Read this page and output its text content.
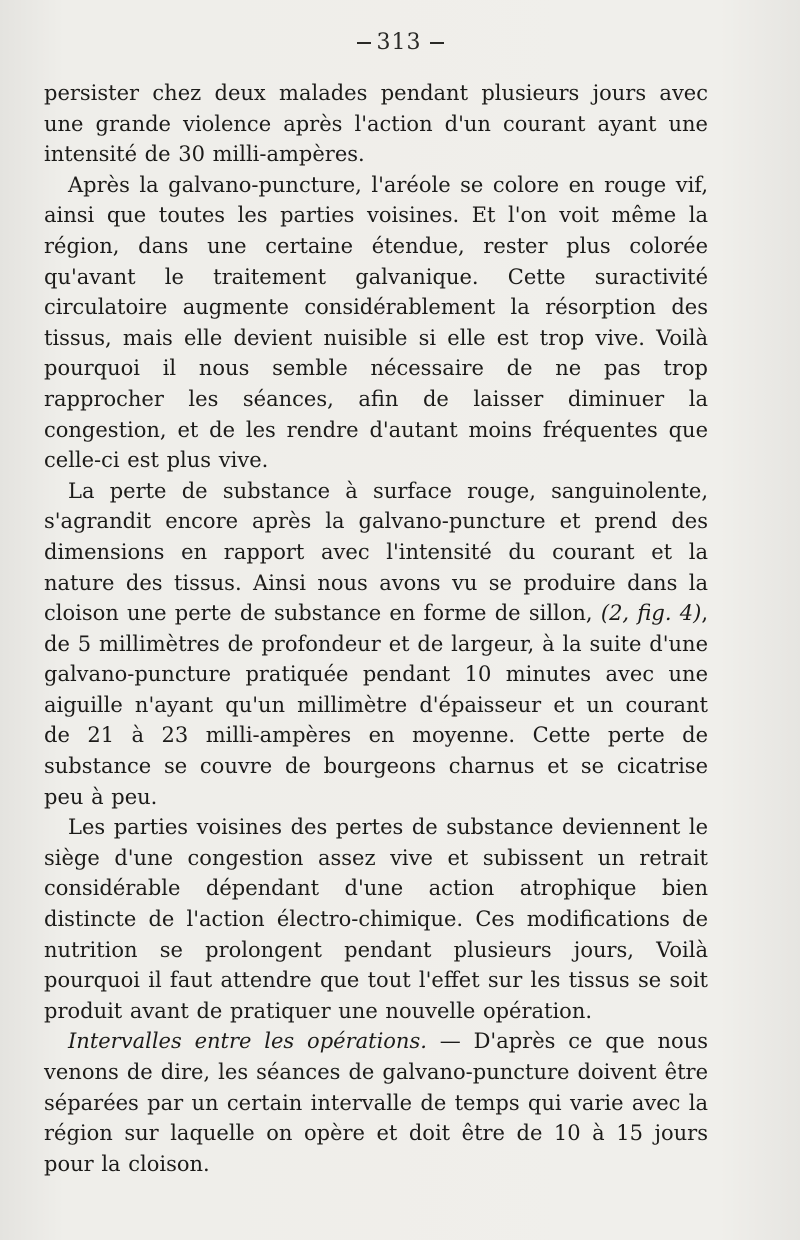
313

persister chez deux malades pendant plusieurs jours avec une grande violence après l'action d'un courant ayant une intensité de 30 milli-ampères.

Après la galvano-puncture, l'aréole se colore en rouge vif, ainsi que toutes les parties voisines. Et l'on voit même la région, dans une certaine étendue, rester plus colorée qu'avant le traitement galvanique. Cette suractivité circulatoire augmente considérablement la résorption des tissus, mais elle devient nuisible si elle est trop vive. Voilà pourquoi il nous semble nécessaire de ne pas trop rapprocher les séances, afin de laisser diminuer la congestion, et de les rendre d'autant moins fréquentes que celle-ci est plus vive.

La perte de substance à surface rouge, sanguinolente, s'agrandit encore après la galvano-puncture et prend des dimensions en rapport avec l'intensité du courant et la nature des tissus. Ainsi nous avons vu se produire dans la cloison une perte de substance en forme de sillon, (2, fig. 4), de 5 millimètres de profondeur et de largeur, à la suite d'une galvano-puncture pratiquée pendant 10 minutes avec une aiguille n'ayant qu'un millimètre d'épaisseur et un courant de 21 à 23 milli-ampères en moyenne. Cette perte de substance se couvre de bourgeons charnus et se cicatrise peu à peu.

Les parties voisines des pertes de substance deviennent le siège d'une congestion assez vive et subissent un retrait considérable dépendant d'une action atrophique bien distincte de l'action électro-chimique. Ces modifications de nutrition se prolongent pendant plusieurs jours, Voilà pourquoi il faut attendre que tout l'effet sur les tissus se soit produit avant de pratiquer une nouvelle opération.

Intervalles entre les opérations. — D'après ce que nous venons de dire, les séances de galvano-puncture doivent être séparées par un certain intervalle de temps qui varie avec la région sur laquelle on opère et doit être de 10 à 15 jours pour la cloison.
